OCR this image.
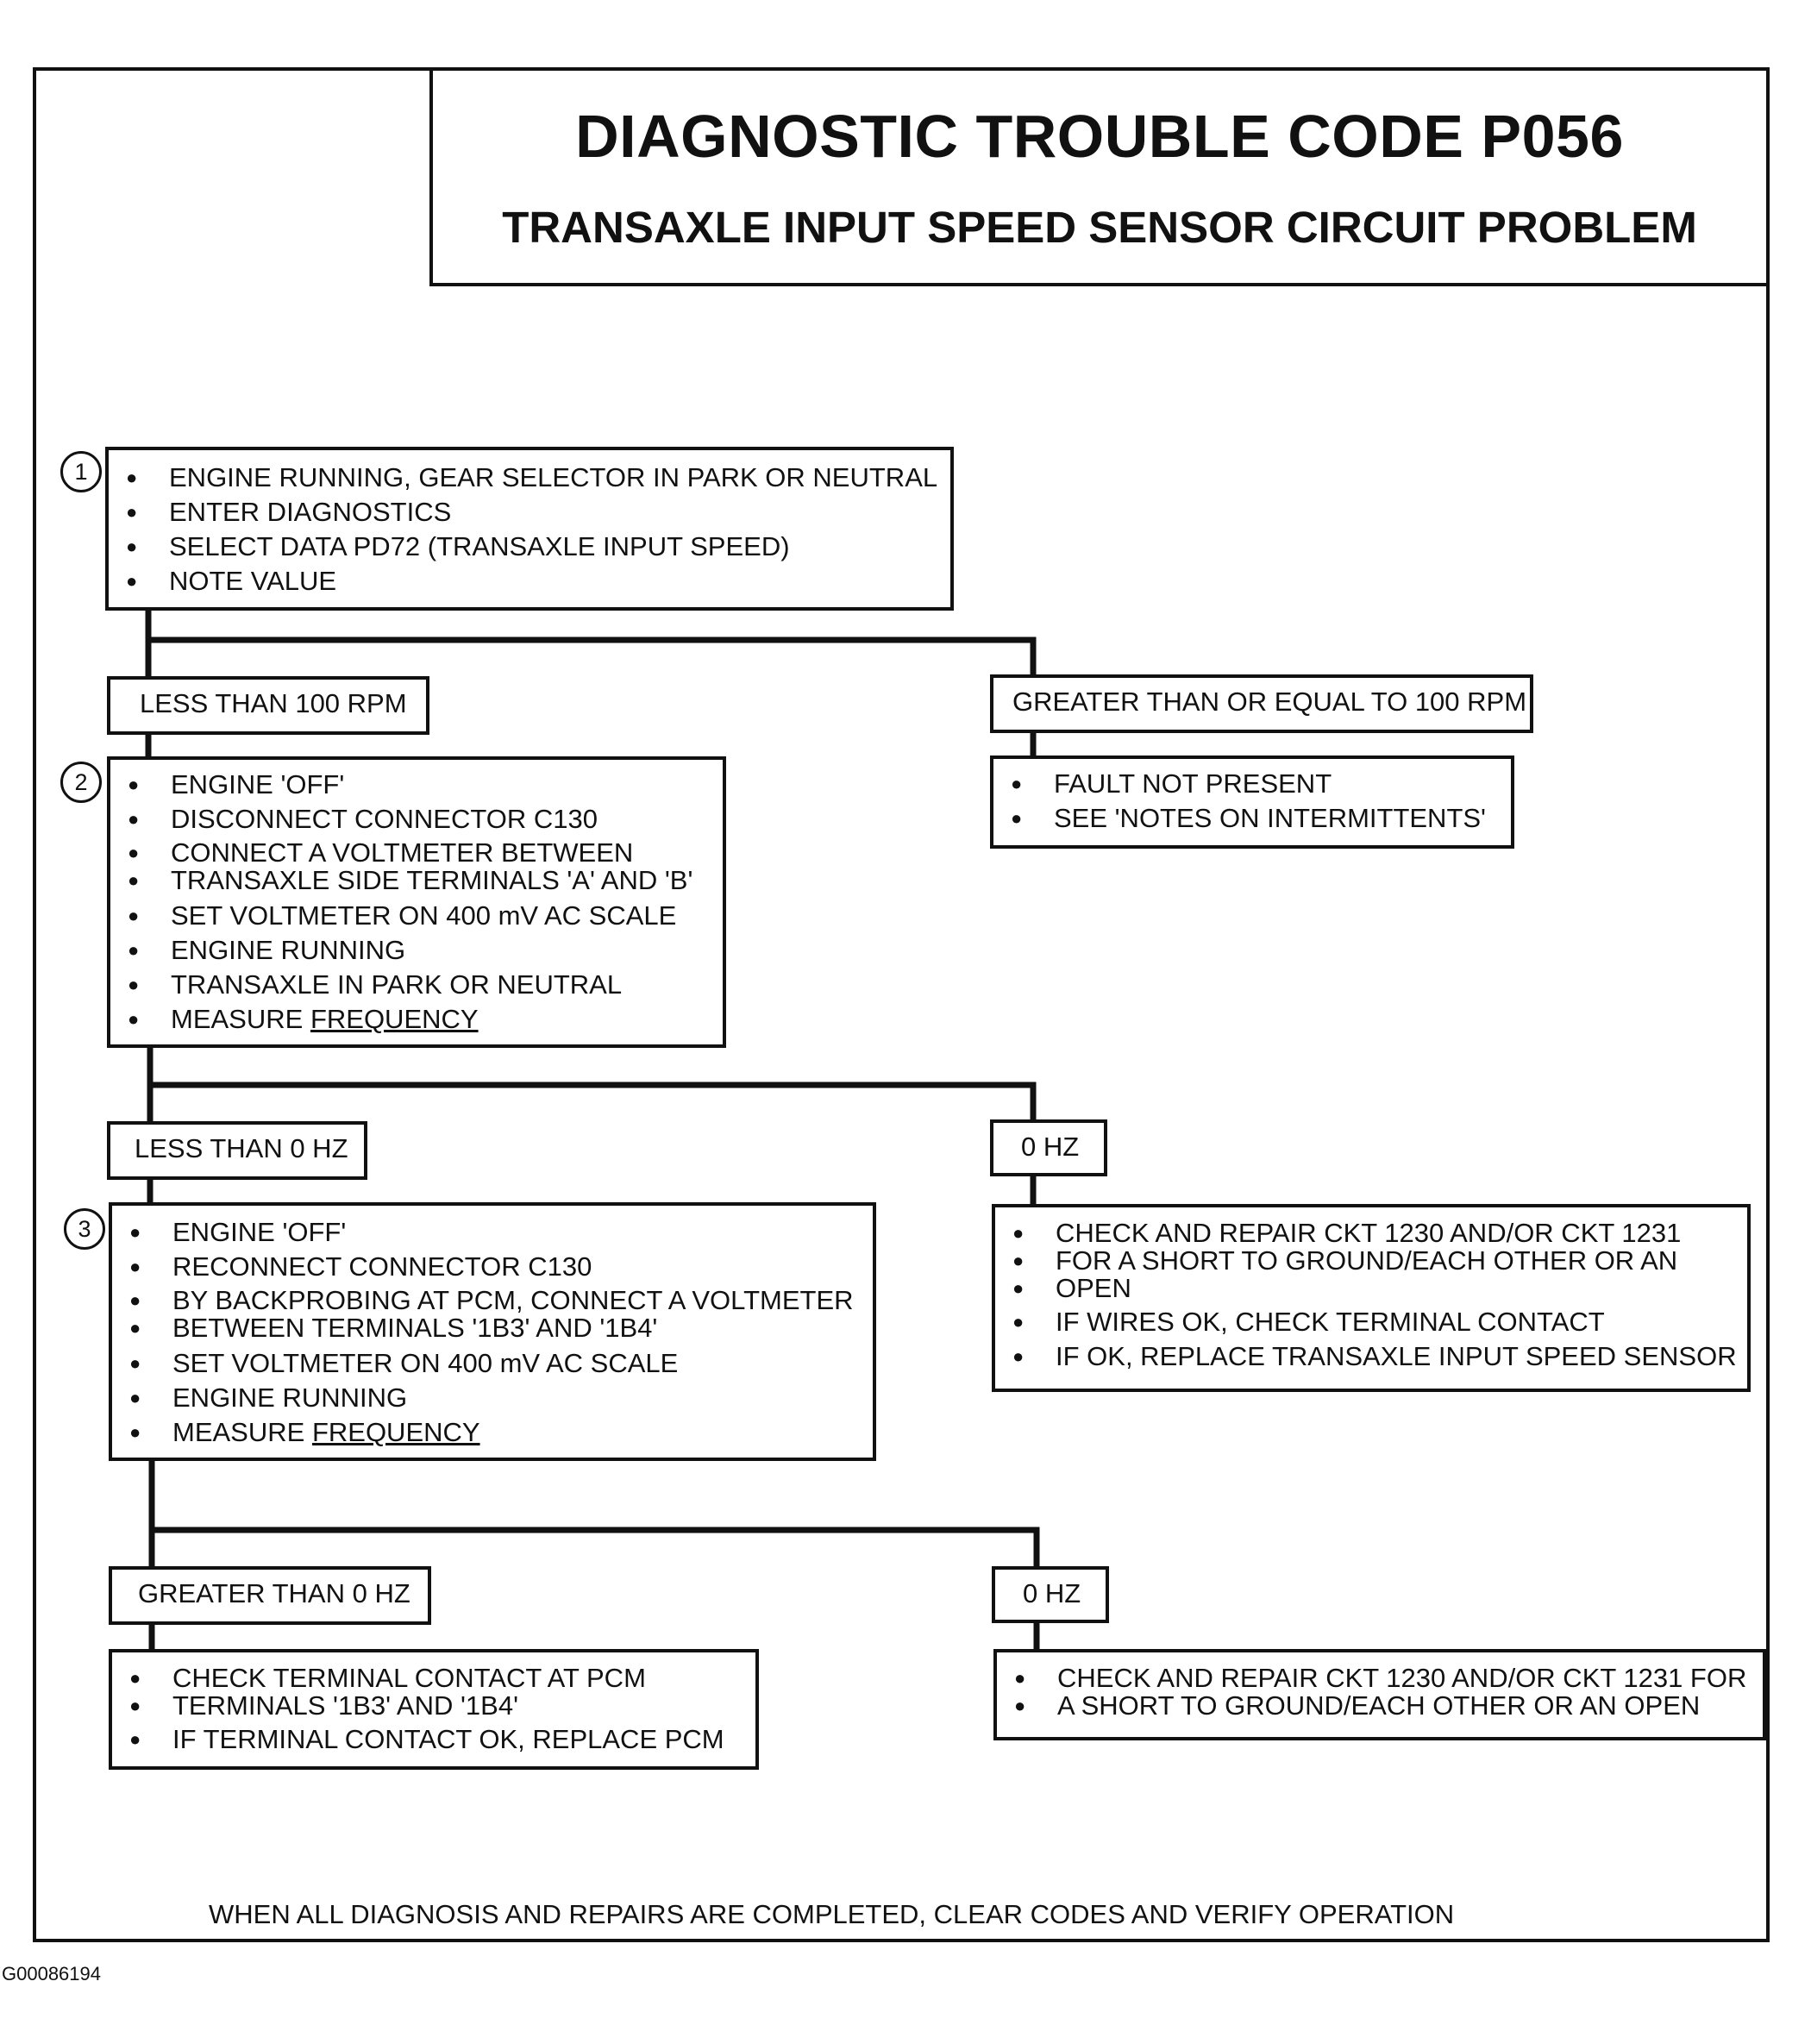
DIAGNOSTIC TROUBLE CODE P056
TRANSAXLE INPUT SPEED SENSOR CIRCUIT PROBLEM
1	● ENGINE RUNNING, GEAR SELECTOR IN PARK OR NEUTRAL
● ENTER DIAGNOSTICS
● SELECT DATA PD72 (TRANSAXLE INPUT SPEED)
● NOTE VALUE
LESS THAN 100 RPM	GREATER THAN OR EQUAL TO 100 RPM
● FAULT NOT PRESENT
● SEE 'NOTES ON INTERMITTENTS'
2	● ENGINE 'OFF'
● DISCONNECT CONNECTOR C130
● CONNECT A VOLTMETER BETWEEN
● TRANSAXLE SIDE TERMINALS 'A' AND 'B'

● SET VOLTMETER ON 400 mV AC SCALE
● ENGINE RUNNING
● TRANSAXLE IN PARK OR NEUTRAL
● MEASURE FREQUENCY
LESS THAN 0 HZ	0 HZ
● CHECK AND REPAIR CKT 1230 AND/OR CKT 1231
● FOR A SHORT TO GROUND/EACH OTHER OR AN

● OPEN

● IF WIRES OK, CHECK TERMINAL CONTACT
● IF OK, REPLACE TRANSAXLE INPUT SPEED SENSOR
3	● ENGINE 'OFF'
● RECONNECT CONNECTOR C130
● BY BACKPROBING AT PCM, CONNECT A VOLTMETER
● BETWEEN TERMINALS '1B3' AND '1B4'

● SET VOLTMETER ON 400 mV AC SCALE
● ENGINE RUNNING
● MEASURE FREQUENCY
GREATER THAN 0 HZ	0 HZ
● CHECK TERMINAL CONTACT AT PCM
● TERMINALS '1B3' AND '1B4'

● IF TERMINAL CONTACT OK, REPLACE PCM
● CHECK AND REPAIR CKT 1230 AND/OR CKT 1231 FOR
● A SHORT TO GROUND/EACH OTHER OR AN OPEN

WHEN ALL DIAGNOSIS AND REPAIRS ARE COMPLETED, CLEAR CODES AND VERIFY OPERATION
G00086194
